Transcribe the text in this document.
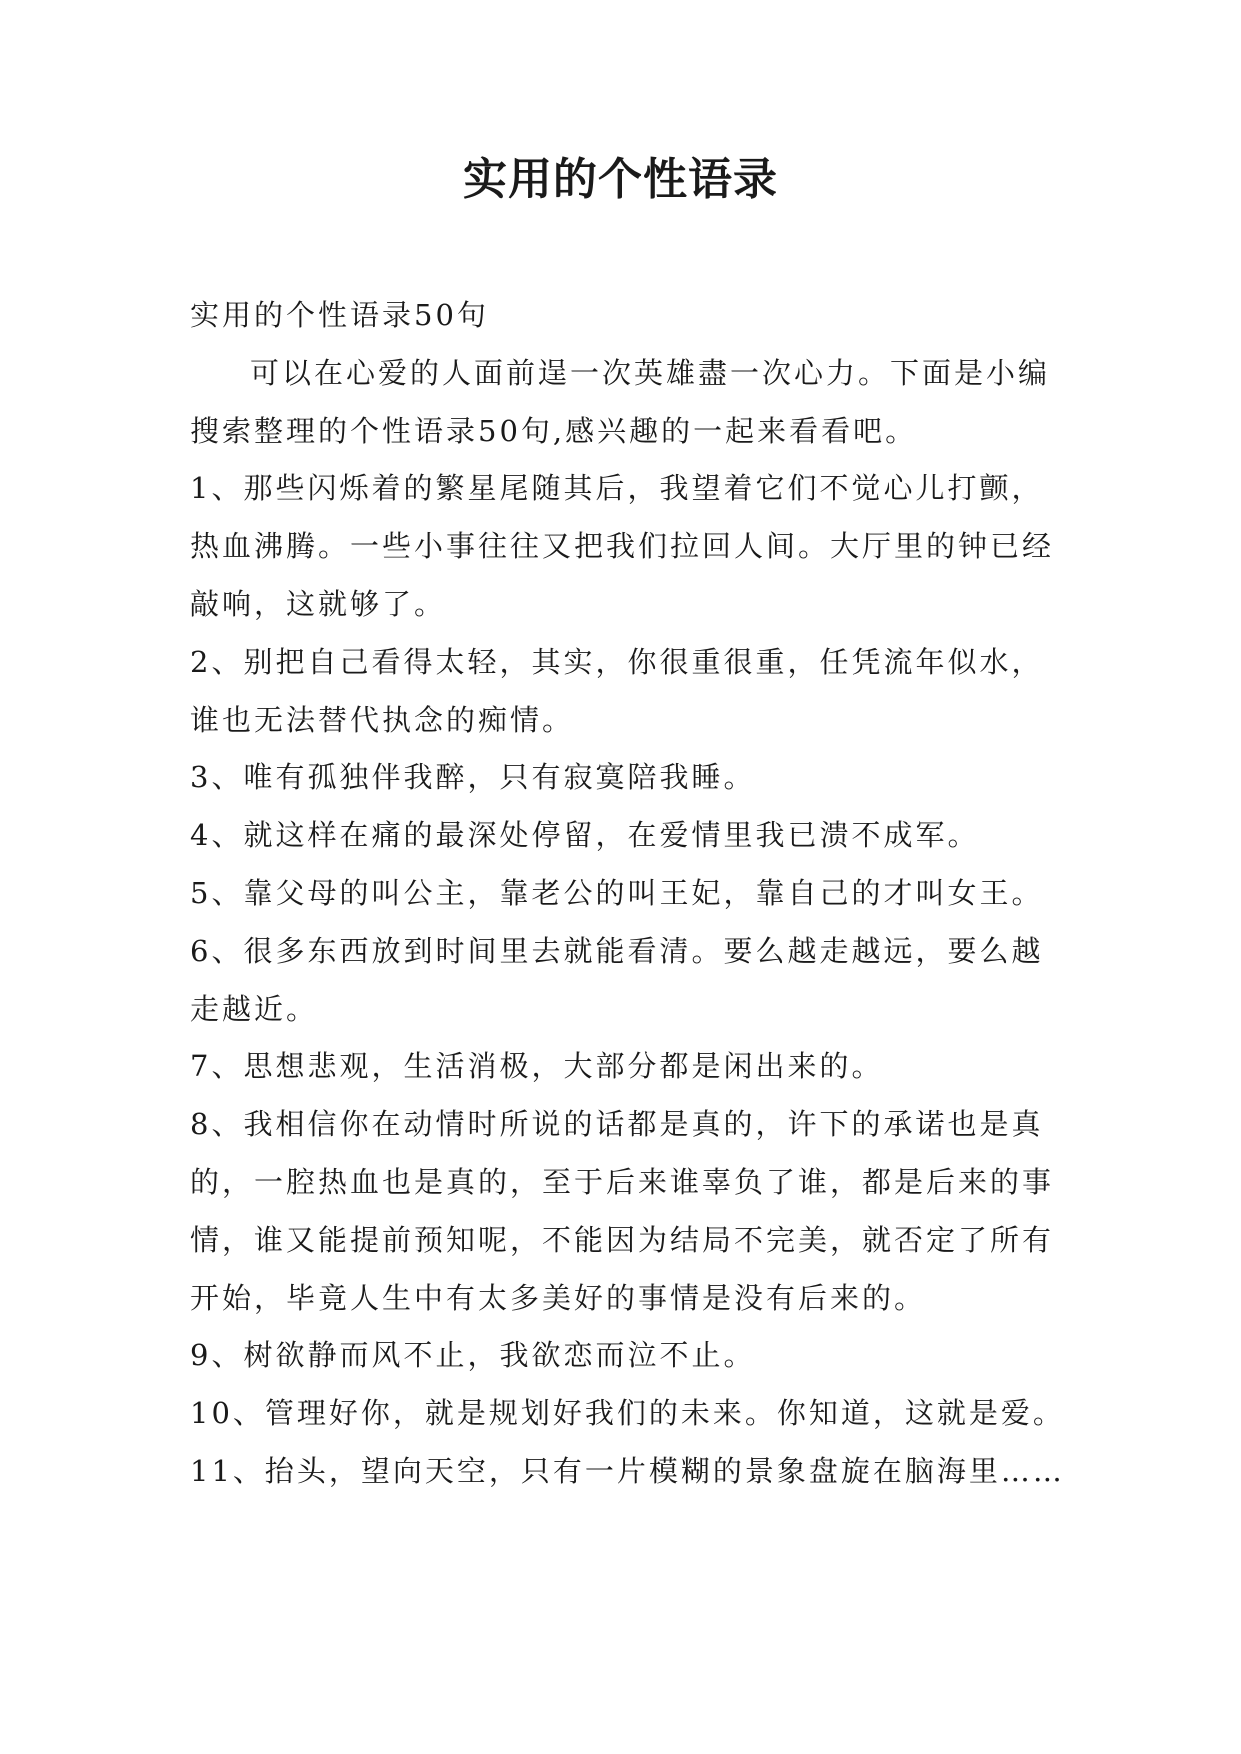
实用的个性语录

实用的个性语录50句

可以在心爱的人面前逞一次英雄盡一次心力。下面是小编搜索整理的个性语录50句,感兴趣的一起来看看吧。

1、那些闪烁着的繁星尾随其后，我望着它们不觉心儿打颤，热血沸腾。一些小事往往又把我们拉回人间。大厅里的钟已经敲响，这就够了。

2、别把自己看得太轻，其实，你很重很重，任凭流年似水，谁也无法替代执念的痴情。

3、唯有孤独伴我醉，只有寂寞陪我睡。

4、就这样在痛的最深处停留，在爱情里我已溃不成军。

5、靠父母的叫公主，靠老公的叫王妃，靠自己的才叫女王。

6、很多东西放到时间里去就能看清。要么越走越远，要么越走越近。

7、思想悲观，生活消极，大部分都是闲出来的。

8、我相信你在动情时所说的话都是真的，许下的承诺也是真的，一腔热血也是真的，至于后来谁辜负了谁，都是后来的事情，谁又能提前预知呢，不能因为结局不完美，就否定了所有开始，毕竟人生中有太多美好的事情是没有后来的。

9、树欲静而风不止，我欲恋而泣不止。

10、管理好你，就是规划好我们的未来。你知道，这就是爱。

11、抬头，望向天空，只有一片模糊的景象盘旋在脑海里……
